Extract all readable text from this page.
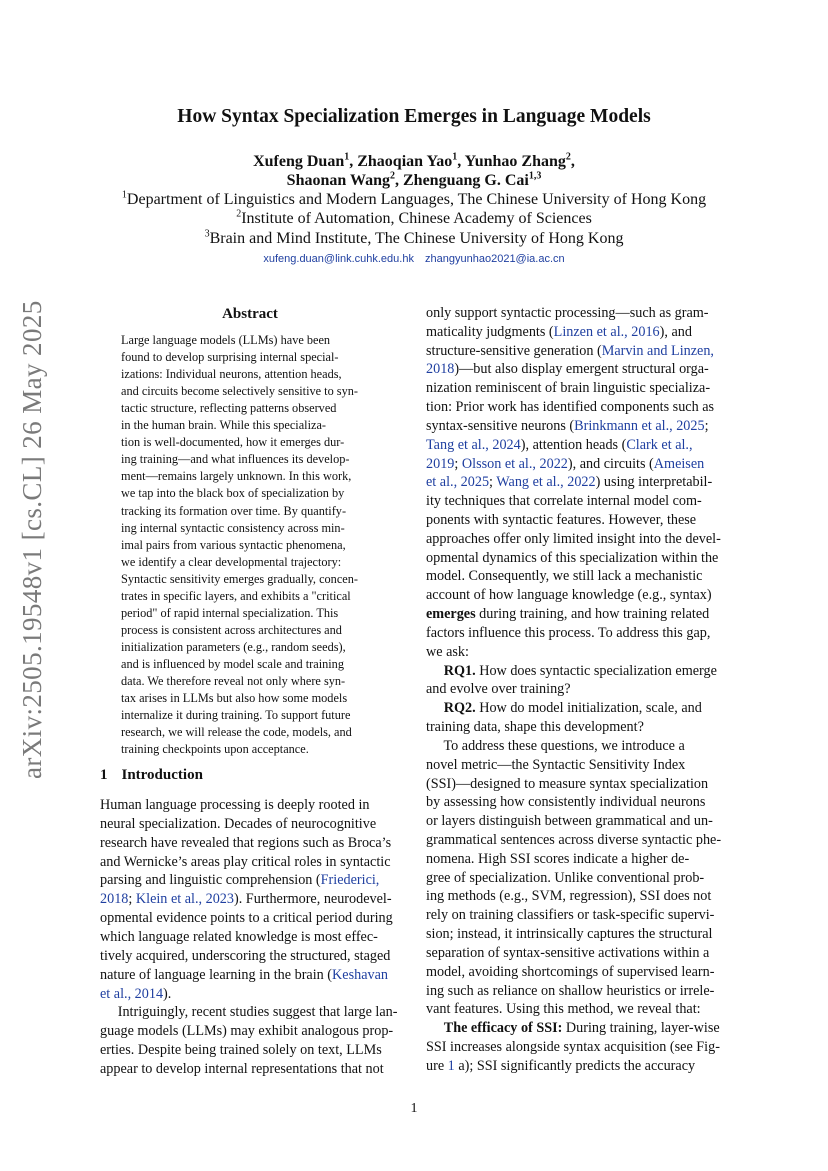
arXiv:2505.19548v1 [cs.CL] 26 May 2025
How Syntax Specialization Emerges in Language Models
Xufeng Duan$^1$, Zhaoqian Yao$^1$, Yunhao Zhang$^2$,
Shaonan Wang$^2$, Zhenguang G. Cai$^{1,3}$
$^1$Department of Linguistics and Modern Languages, The Chinese University of Hong Kong
$^2$Institute of Automation, Chinese Academy of Sciences
$^3$Brain and Mind Institute, The Chinese University of Hong Kong
xufeng.duan@link.cuhk.edu.hk zhangyunhao2021@ia.ac.cn
Abstract
Large language models (LLMs) have been
found to develop surprising internal special-
izations: Individual neurons, attention heads,
and circuits become selectively sensitive to syn-
tactic structure, reflecting patterns observed
in the human brain. While this specializa-
tion is well-documented, how it emerges dur-
ing training—and what influences its develop-
ment—remains largely unknown. In this work,
we tap into the black box of specialization by
tracking its formation over time. By quantify-
ing internal syntactic consistency across min-
imal pairs from various syntactic phenomena,
we identify a clear developmental trajectory:
Syntactic sensitivity emerges gradually, concen-
trates in specific layers, and exhibits a "critical
period" of rapid internal specialization. This
process is consistent across architectures and
initialization parameters (e.g., random seeds),
and is influenced by model scale and training
data. We therefore reveal not only where syn-
tax arises in LLMs but also how some models
internalize it during training. To support future
research, we will release the code, models, and
training checkpoints upon acceptance.
1 Introduction
Human language processing is deeply rooted in
neural specialization. Decades of neurocognitive
research have revealed that regions such as Broca’s
and Wernicke’s areas play critical roles in syntactic
parsing and linguistic comprehension (Friederici,
2018; Klein et al., 2023). Furthermore, neurodevel-
opmental evidence points to a critical period during
which language related knowledge is most effec-
tively acquired, underscoring the structured, staged
nature of language learning in the brain (Keshavan
et al., 2014).
  Intriguingly, recent studies suggest that large lan-
guage models (LLMs) may exhibit analogous prop-
erties. Despite being trained solely on text, LLMs
appear to develop internal representations that not
only support syntactic processing—such as gram-
maticality judgments (Linzen et al., 2016), and
structure-sensitive generation (Marvin and Linzen,
2018)—but also display emergent structural orga-
nization reminiscent of brain linguistic specializa-
tion: Prior work has identified components such as
syntax-sensitive neurons (Brinkmann et al., 2025;
Tang et al., 2024), attention heads (Clark et al.,
2019; Olsson et al., 2022), and circuits (Ameisen
et al., 2025; Wang et al., 2022) using interpretabil-
ity techniques that correlate internal model com-
ponents with syntactic features. However, these
approaches offer only limited insight into the devel-
opmental dynamics of this specialization within the
model. Consequently, we still lack a mechanistic
account of how language knowledge (e.g., syntax)
emerges during training, and how training related
factors influence this process. To address this gap,
we ask:
  RQ1. How does syntactic specialization emerge
and evolve over training?
  RQ2. How do model initialization, scale, and
training data, shape this development?
  To address these questions, we introduce a
novel metric—the Syntactic Sensitivity Index
(SSI)—designed to measure syntax specialization
by assessing how consistently individual neurons
or layers distinguish between grammatical and un-
grammatical sentences across diverse syntactic phe-
nomena. High SSI scores indicate a higher de-
gree of specialization. Unlike conventional prob-
ing methods (e.g., SVM, regression), SSI does not
rely on training classifiers or task-specific supervi-
sion; instead, it intrinsically captures the structural
separation of syntax-sensitive activations within a
model, avoiding shortcomings of supervised learn-
ing such as reliance on shallow heuristics or irrele-
vant features. Using this method, we reveal that:
  The efficacy of SSI: During training, layer-wise
SSI increases alongside syntax acquisition (see Fig-
ure 1 a); SSI significantly predicts the accuracy
1
